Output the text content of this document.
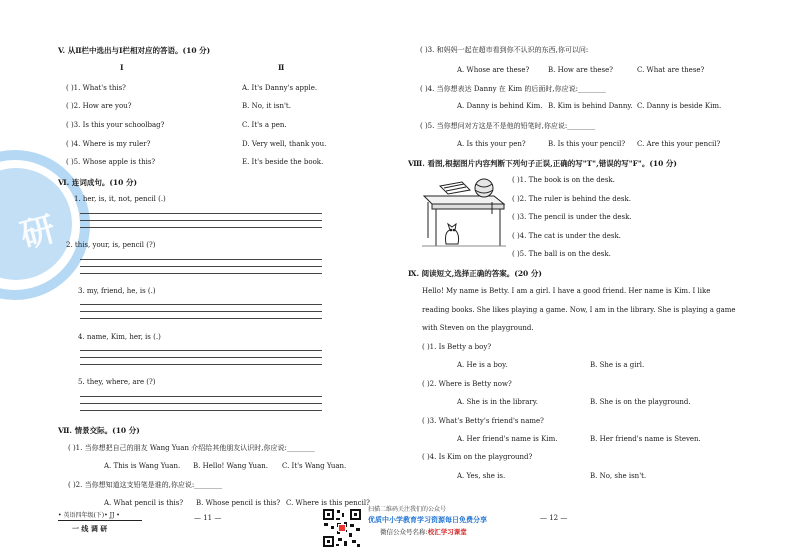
研
V. 从Ⅱ栏中选出与Ⅰ栏相对应的答语。(10 分)
Ⅰ	Ⅱ
( )1. What's this?	A. It's Danny's apple.
( )2. How are you?	B. No, it isn't.
( )3. Is this your schoolbag?	C. It's a pen.
( )4. Where is my ruler?	D. Very well, thank you.
( )5. Whose apple is this?	E. It's beside the book.
Ⅵ. 连词成句。(10 分)
1. her, is, it, not, pencil (.)
2. this, your, is, pencil (?)
3. my, friend, he, is (.)
4. name, Kim, her, is (.)
5. they, where, are (?)
Ⅶ. 情景交际。(10 分)
( )1. 当你想把自己的朋友 Wang Yuan 介绍给其他朋友认识时,你应说:________
A. This is Wang Yuan. B. Hello! Wang Yuan. C. It's Wang Yuan.
( )2. 当你想知道这支铅笔是谁的,你应说:________
A. What pencil is this? B. Whose pencil is this? C. Where is this pencil?
( )3. 和妈妈一起在超市看到你不认识的东西,你可以问:
A. Whose are these?	B. How are these?	C. What are these?
( )4. 当你想表达 Danny 在 Kim 的后面时,你应说:________
A. Danny is behind Kim. B. Kim is behind Danny. C. Danny is beside Kim.
( )5. 当你想问对方这是不是他的铅笔时,你应说:________
A. Is this your pen?	B. Is this your pencil? C. Are this your pencil?
Ⅷ. 看图,根据图片内容判断下列句子正误,正确的写"T",错误的写"F"。(10 分)
( )1. The book is on the desk.
( )2. The ruler is behind the desk.
( )3. The pencil is under the desk.
( )4. The cat is under the desk.
( )5. The ball is on the desk.
Ⅸ. 阅读短文,选择正确的答案。(20 分)
Hello! My name is Betty. I am a girl. I have a good friend. Her name is Kim. I like
reading books. She likes playing a game. Now, I am in the library. She is playing a game
with Steven on the playground.
( )1. Is Betty a boy?
A. He is a boy.	B. She is a girl.
( )2. Where is Betty now?
A. She is in the library.	B. She is on the playground.
( )3. What's Betty's friend's name?
A. Her friend's name is Kim.	B. Her friend's name is Steven.
( )4. Is Kim on the playground?
A. Yes, she is.	B. No, she isn't.
• 英语四年级(下)• JJ •
一 线 调 研
— 11 —	— 12 —
扫描二维码关注我们的公众号
优质中小学教育学习资源每日免费分享
微信公众号名称:校汇学习课堂
